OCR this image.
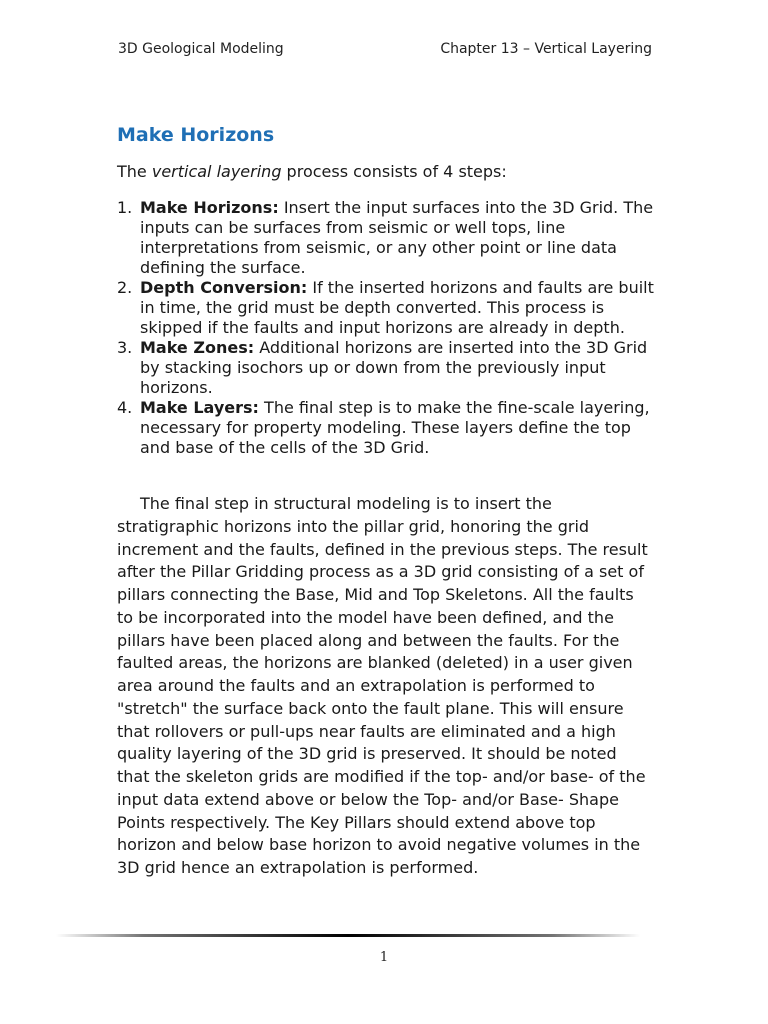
3D Geological Modeling	Chapter 13 – Vertical Layering
Make Horizons

The vertical layering process consists of 4 steps:

1. Make Horizons: Insert the input surfaces into the 3D Grid. The inputs can be surfaces from seismic or well tops, line interpretations from seismic, or any other point or line data defining the surface.
2. Depth Conversion: If the inserted horizons and faults are built in time, the grid must be depth converted. This process is skipped if the faults and input horizons are already in depth.
3. Make Zones: Additional horizons are inserted into the 3D Grid by stacking isochors up or down from the previously input horizons.
4. Make Layers: The final step is to make the fine-scale layering, necessary for property modeling. These layers define the top and base of the cells of the 3D Grid.

The final step in structural modeling is to insert the stratigraphic horizons into the pillar grid, honoring the grid increment and the faults, defined in the previous steps. The result after the Pillar Gridding process as a 3D grid consisting of a set of pillars connecting the Base, Mid and Top Skeletons. All the faults to be incorporated into the model have been defined, and the pillars have been placed along and between the faults. For the faulted areas, the horizons are blanked (deleted) in a user given area around the faults and an extrapolation is performed to "stretch" the surface back onto the fault plane. This will ensure that rollovers or pull-ups near faults are eliminated and a high quality layering of the 3D grid is preserved. It should be noted that the skeleton grids are modified if the top- and/or base- of the input data extend above or below the Top- and/or Base- Shape Points respectively. The Key Pillars should extend above top horizon and below base horizon to avoid negative volumes in the 3D grid hence an extrapolation is performed.

1
